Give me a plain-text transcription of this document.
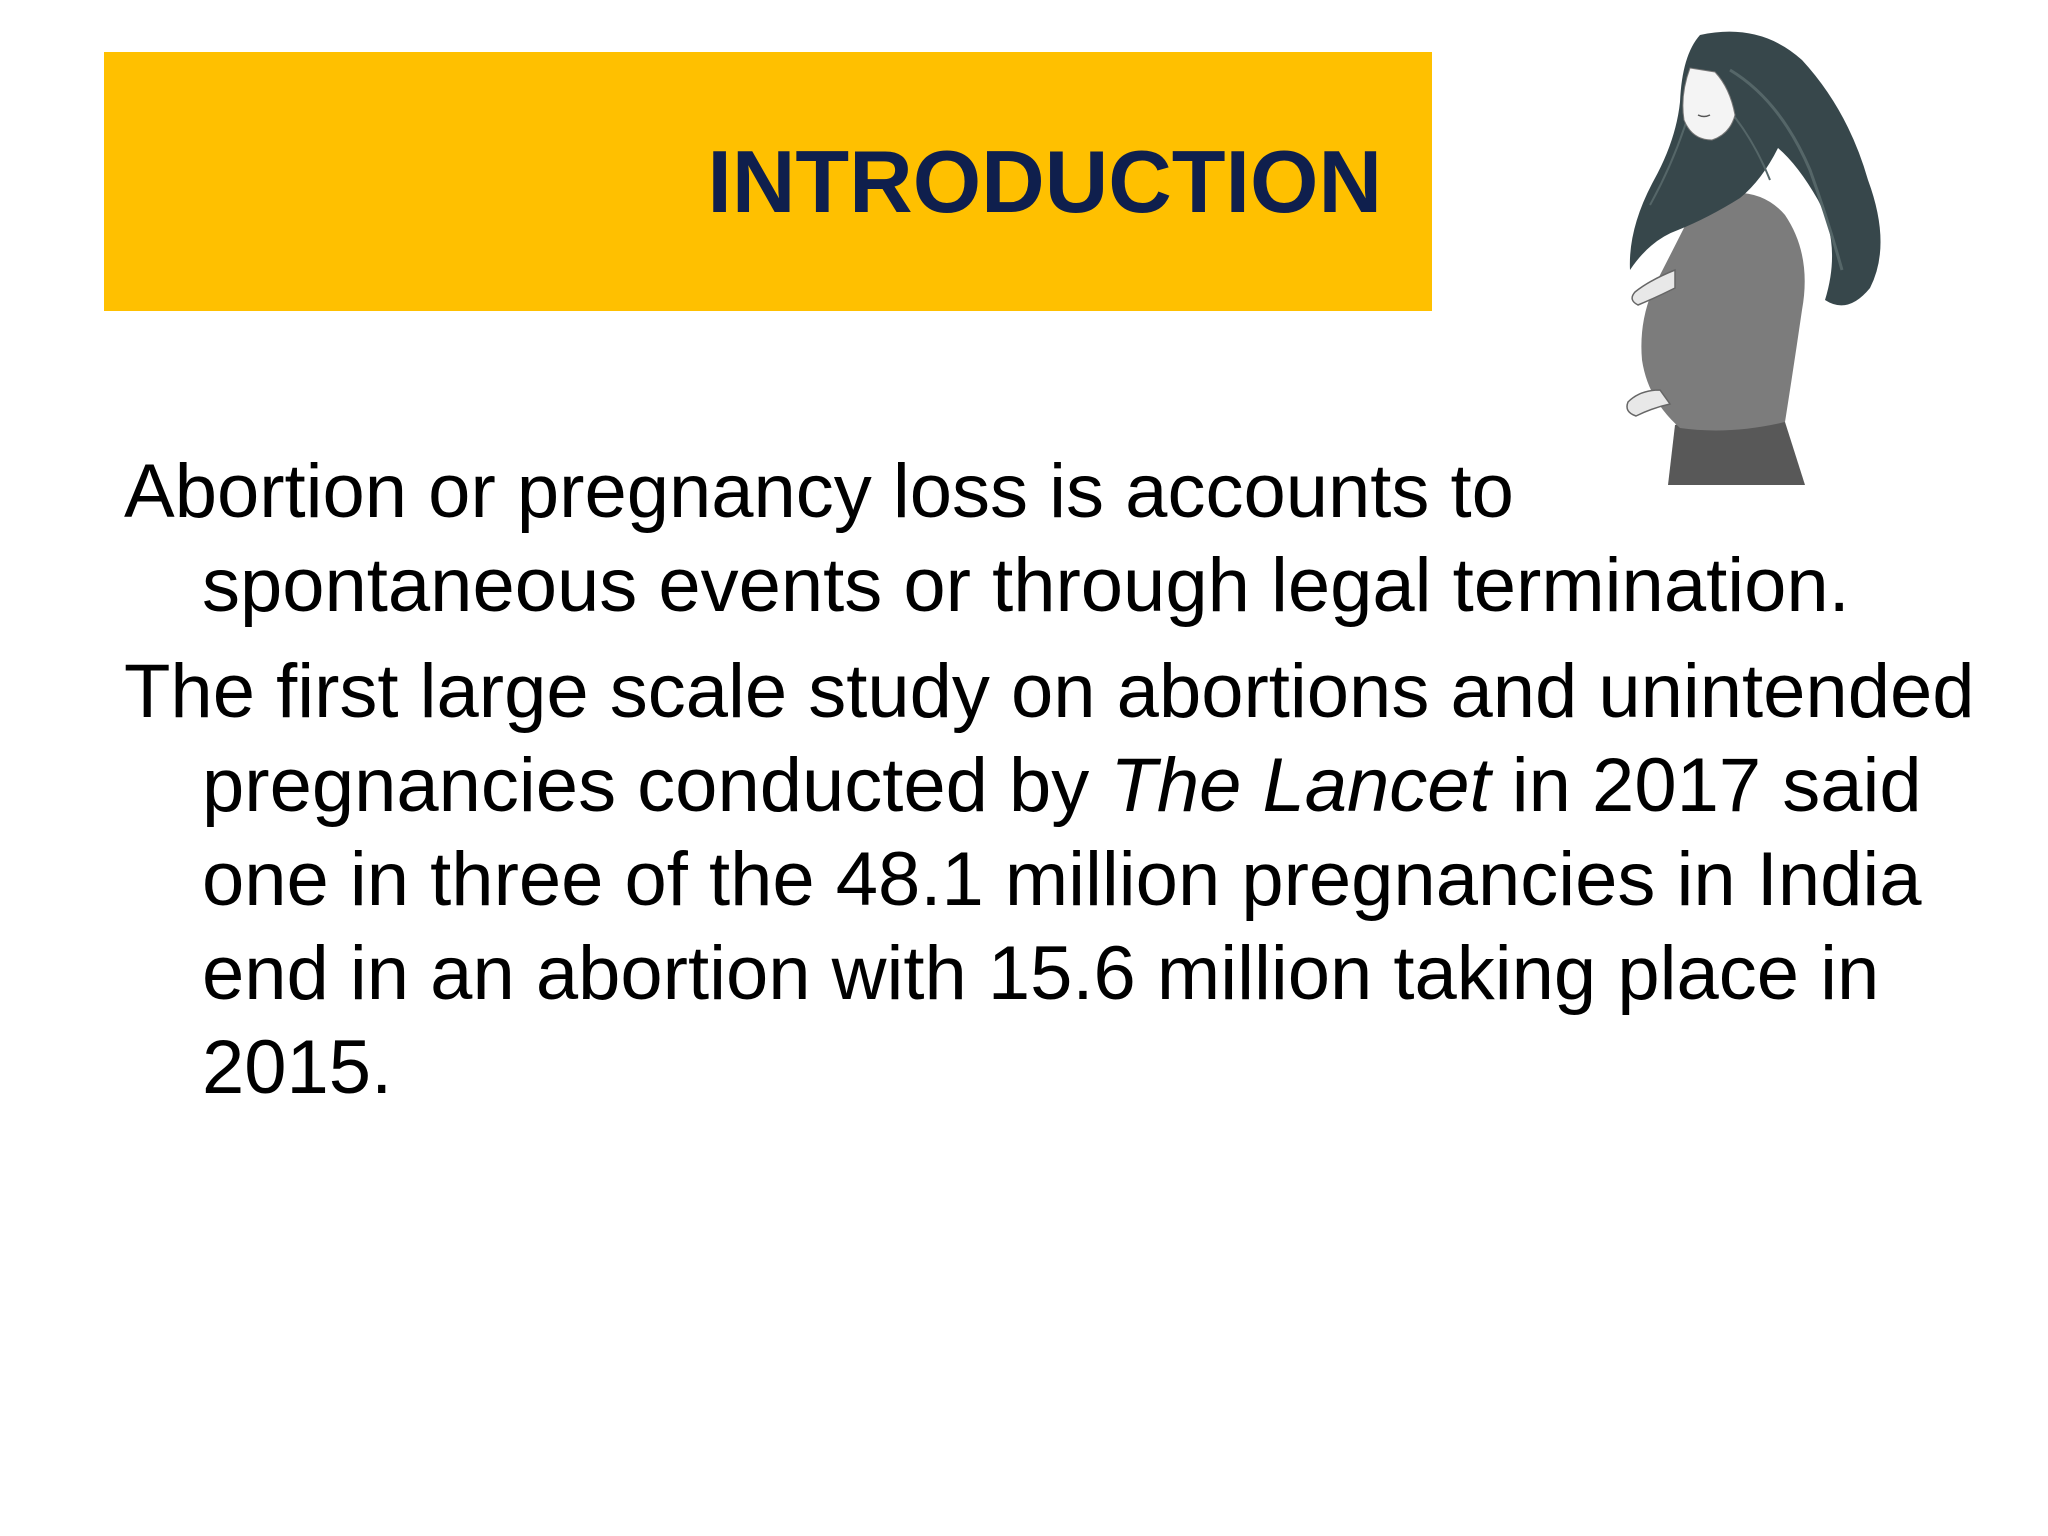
INTRODUCTION

Abortion or pregnancy loss is accounts to spontaneous events or through legal termination.

The first large scale study on abortions and unintended pregnancies conducted by The Lancet in 2017 said one in three of the 48.1 million pregnancies in India end in an abortion with 15.6 million taking place in 2015.
